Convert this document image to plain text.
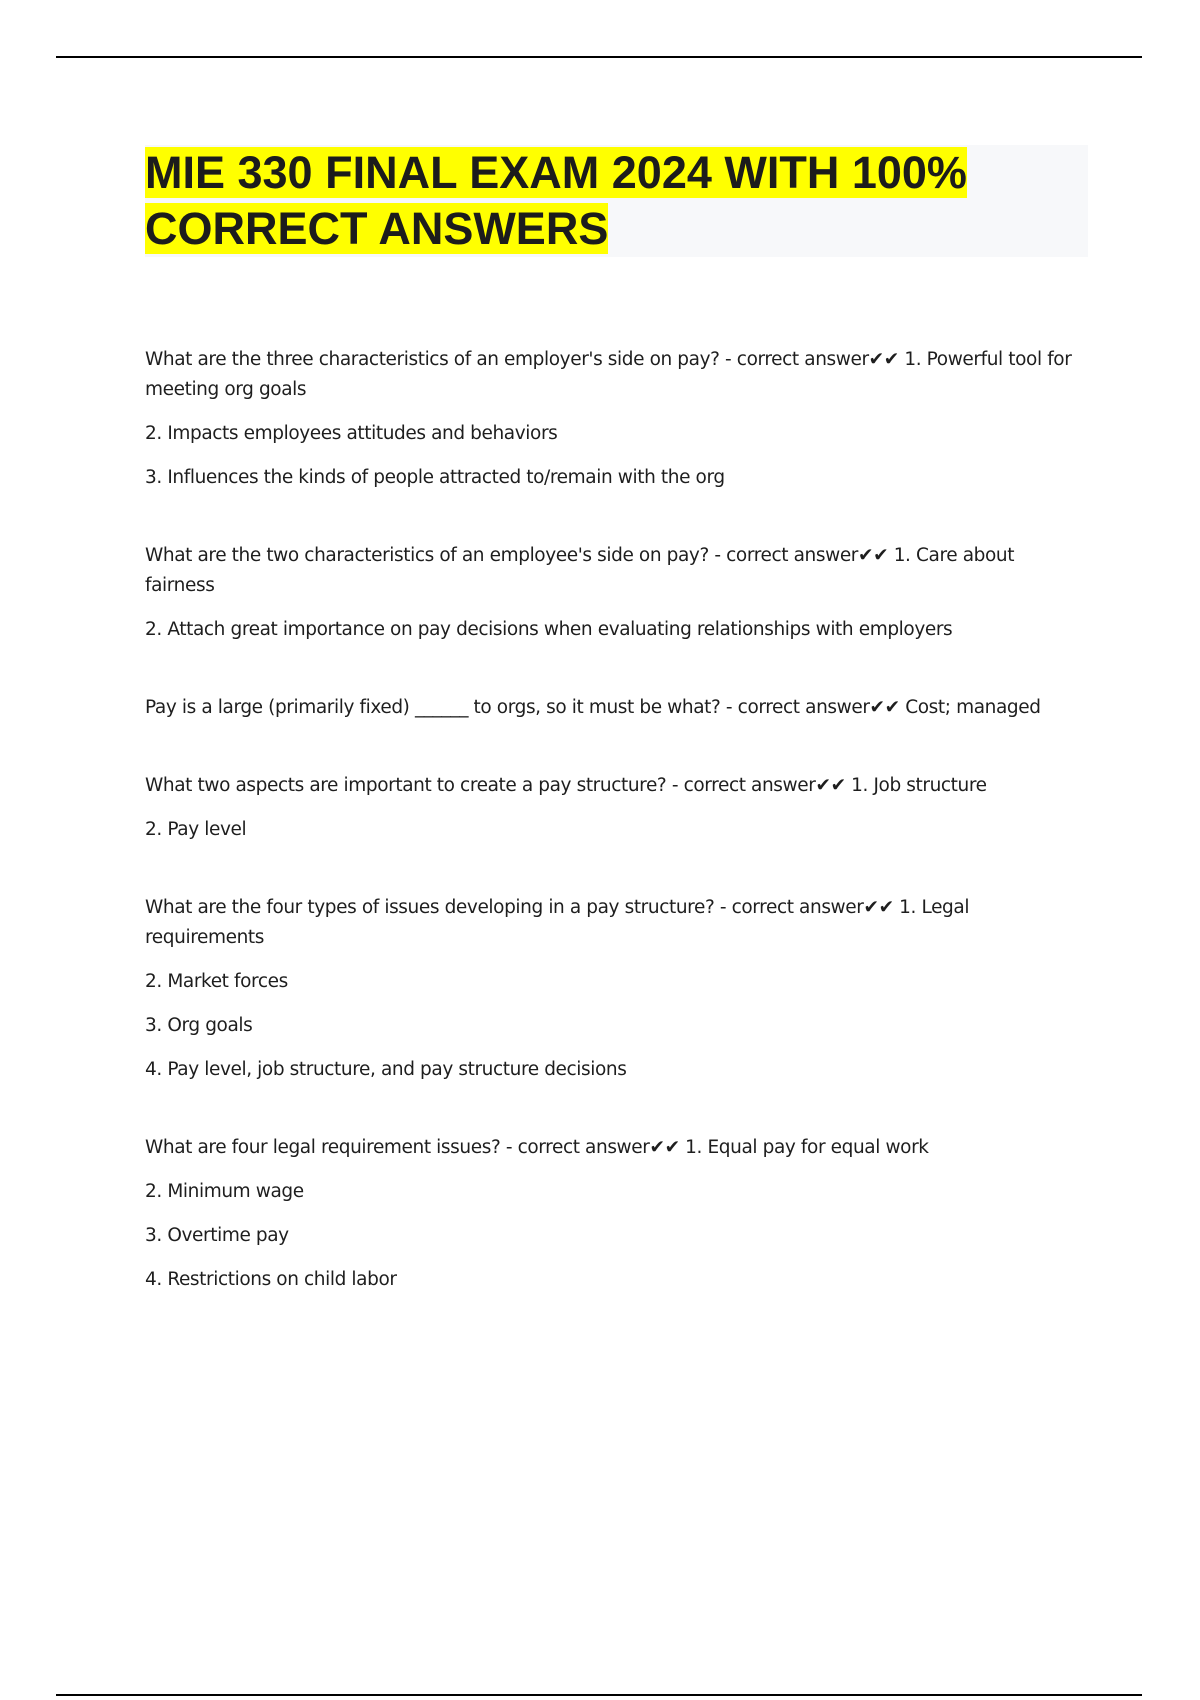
MIE 330 FINAL EXAM 2024 WITH 100% CORRECT ANSWERS

What are the three characteristics of an employer's side on pay? - correct answer✔✔ 1. Powerful tool for meeting org goals

2. Impacts employees attitudes and behaviors

3. Influences the kinds of people attracted to/remain with the org

What are the two characteristics of an employee's side on pay? - correct answer✔✔ 1. Care about fairness

2. Attach great importance on pay decisions when evaluating relationships with employers

Pay is a large (primarily fixed) ______ to orgs, so it must be what? - correct answer✔✔ Cost; managed

What two aspects are important to create a pay structure? - correct answer✔✔ 1. Job structure

2. Pay level

What are the four types of issues developing in a pay structure? - correct answer✔✔ 1. Legal requirements

2. Market forces

3. Org goals

4. Pay level, job structure, and pay structure decisions

What are four legal requirement issues? - correct answer✔✔ 1. Equal pay for equal work

2. Minimum wage

3. Overtime pay

4. Restrictions on child labor
